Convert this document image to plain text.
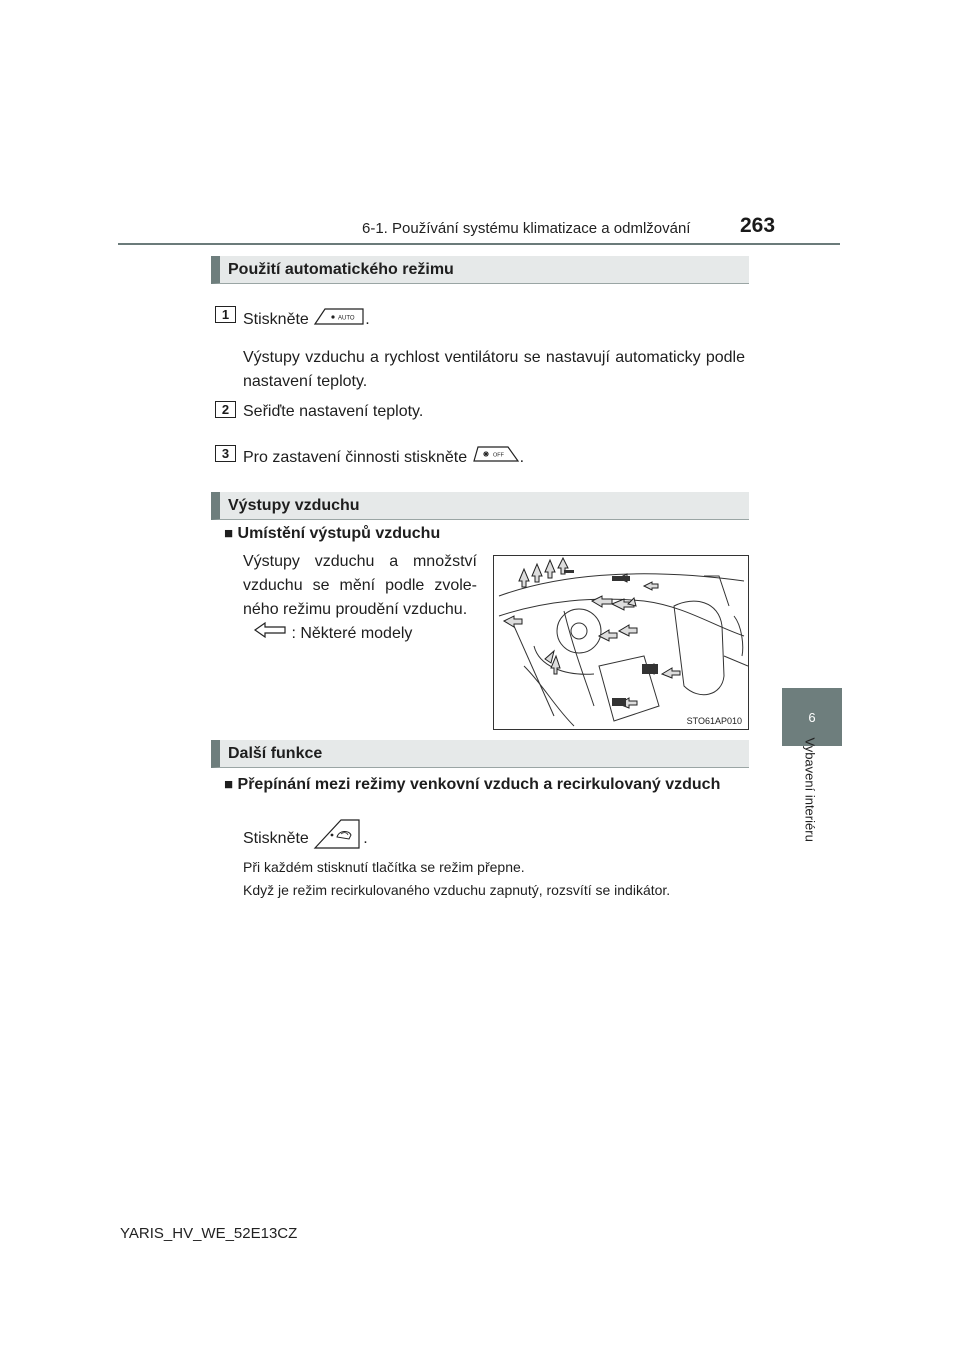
6-1. Používání systému klimatizace a odmlžování 263
6
Vybavení interiéru
Použití automatického režimu
1 Stiskněte	AUTO .
Výstupy vzduchu a rychlost ventilátoru se nastavují automaticky podle nastavení teploty.
2 Seřiďte nastavení teploty.
3 Pro zastavení činnosti stiskněte	OFF .
Výstupy vzduchu
■ Umístění výstupů vzduchu
Výstupy vzduchu a množství
vzduchu se mění podle zvole-
ného režimu proudění vzduchu.
: Některé modely
STO61AP010
Další funkce
■ Přepínání mezi režimy venkovní vzduch a recirkulovaný vzduch
Stiskněte	.
Při každém stisknutí tlačítka se režim přepne.
Když je režim recirkulovaného vzduchu zapnutý, rozsvítí se indikátor.
YARIS_HV_WE_52E13CZ
